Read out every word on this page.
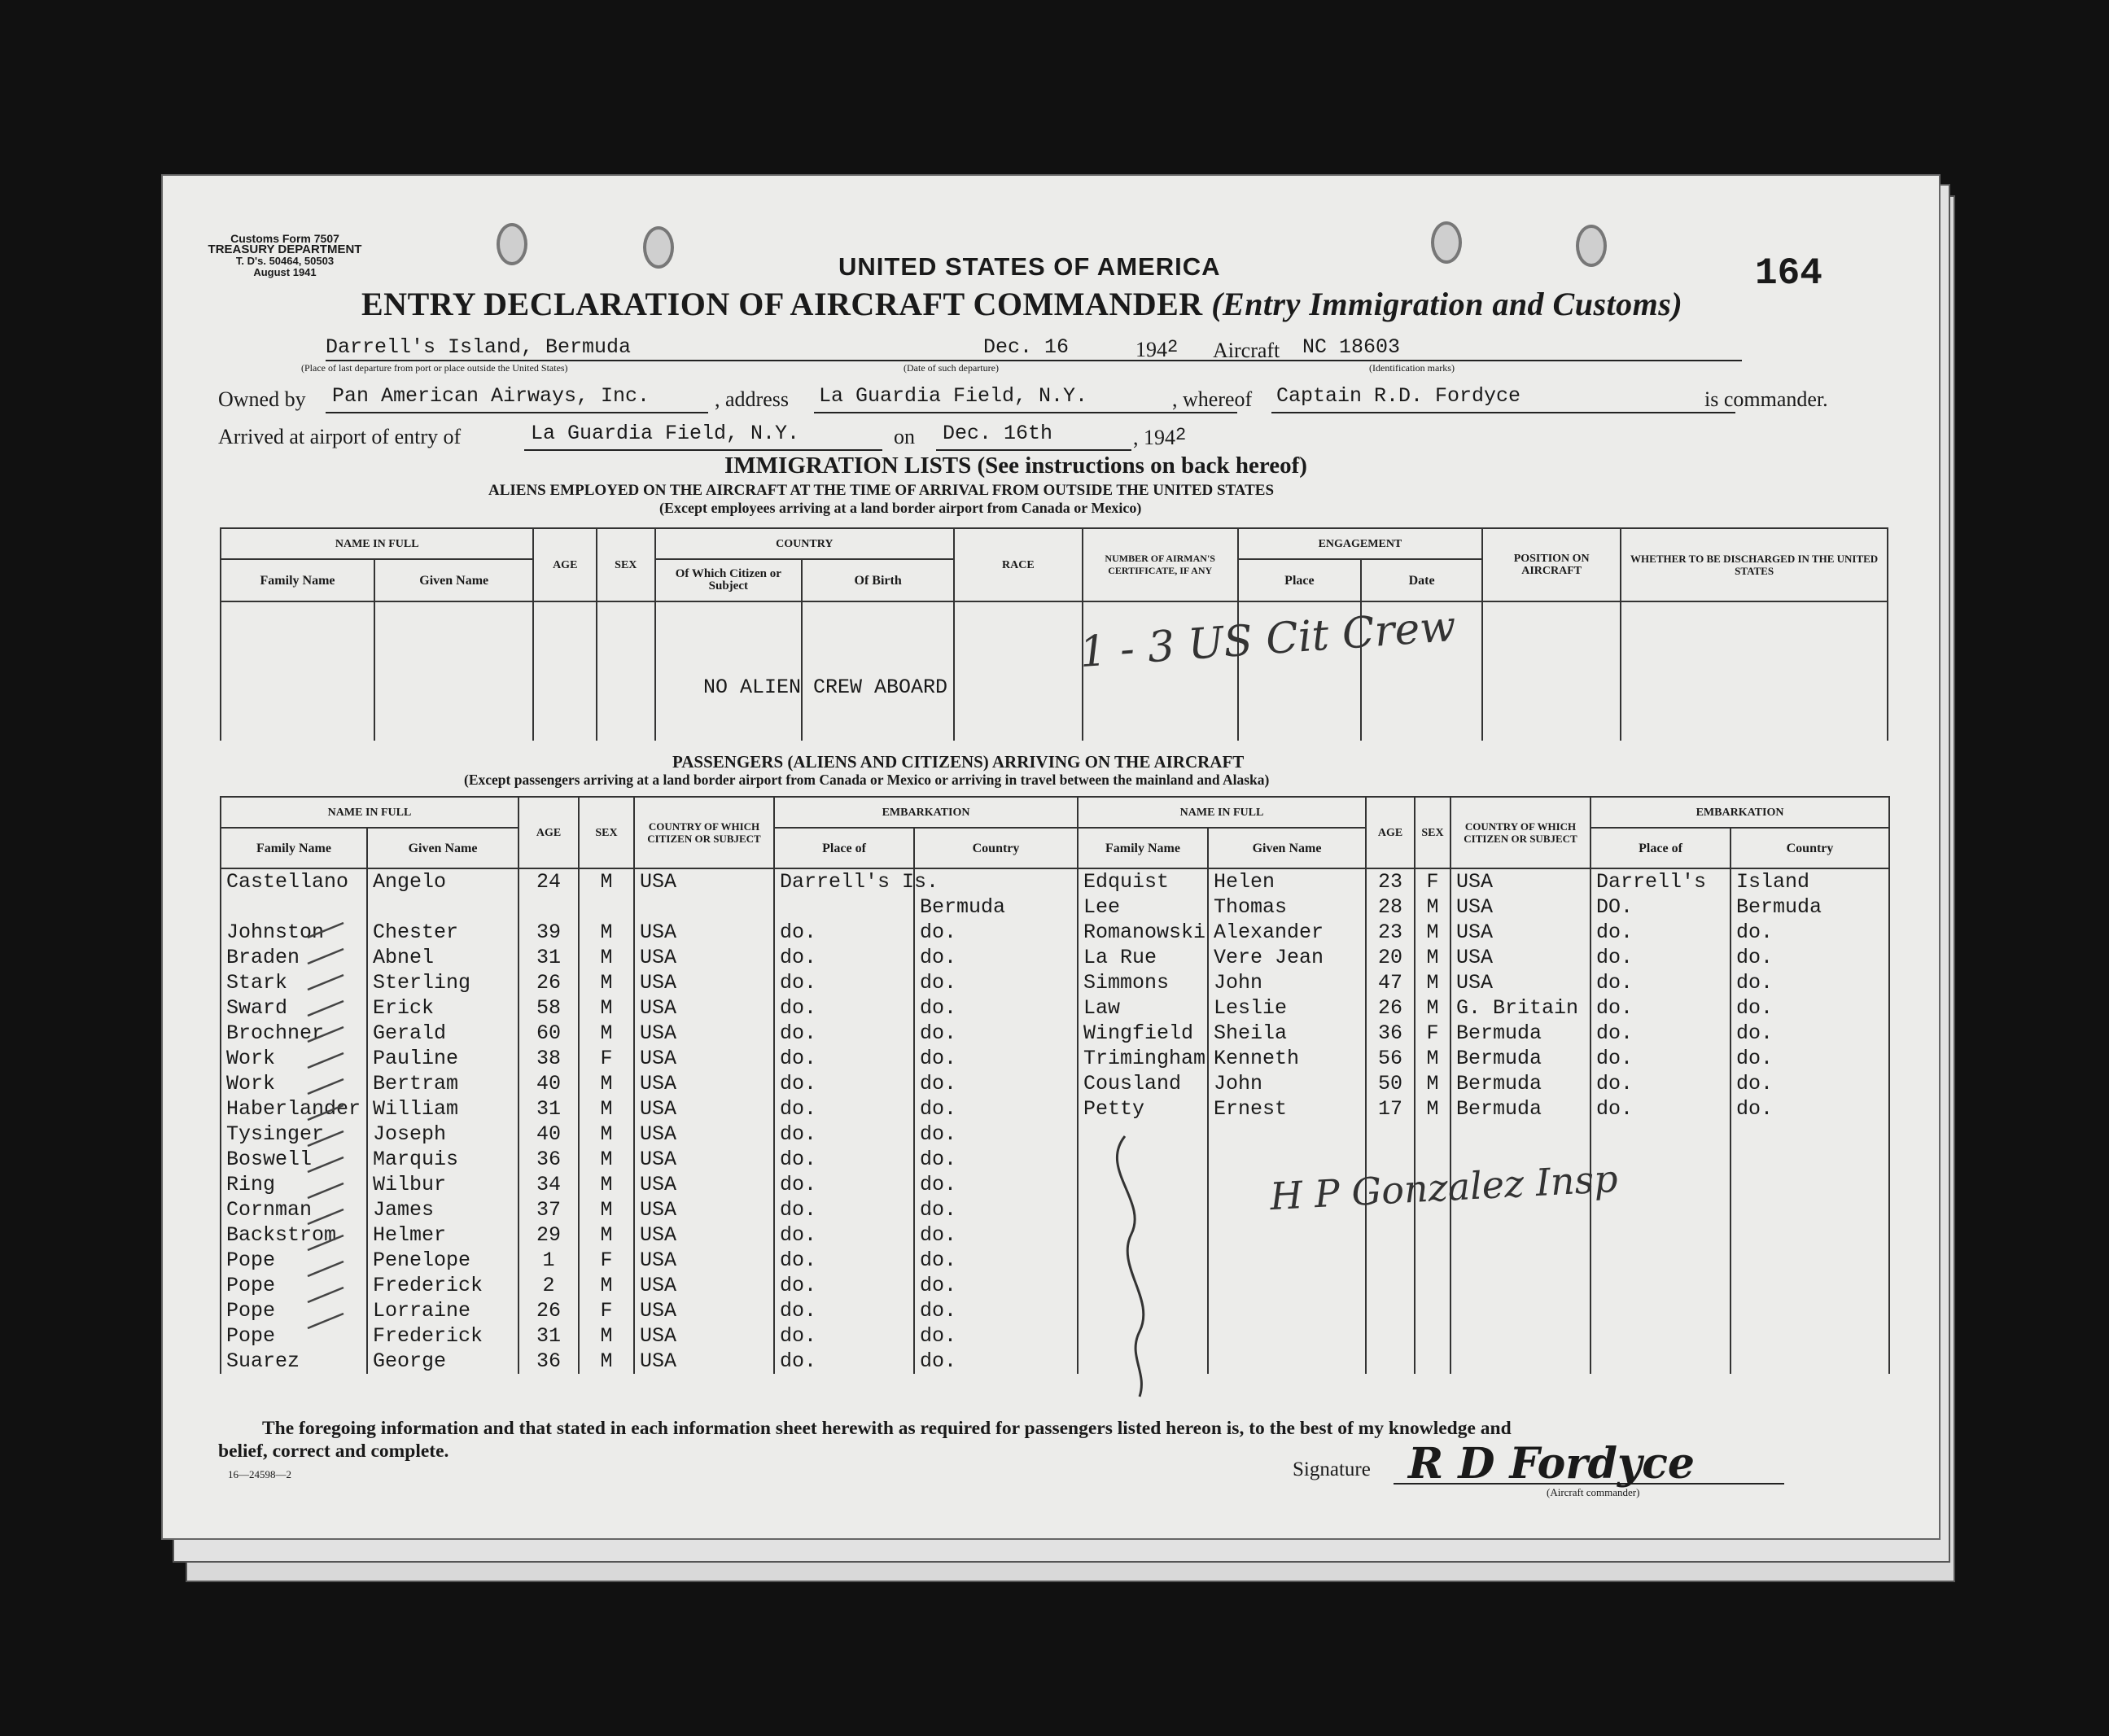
Customs Form 7507
TREASURY DEPARTMENT
T. D's. 50464, 50503
August 1941	UNITED STATES OF AMERICA	164
ENTRY DECLARATION OF AIRCRAFT COMMANDER (Entry Immigration and Customs)
Darrell's Island, Bermuda
(Place of last departure from port or place outside the United States)
Dec. 16
(Date of such departure)
$194^2$ Aircraft NC 18603
(Identification marks)
Owned by Pan American Airways, Inc.	, address La Guardia Field, N.Y.	, whereof Captain R.D. Fordyce	is commander.
Arrived at airport of entry of	La Guardia Field, N.Y.	on Dec. 16th	, $194^2$
IMMIGRATION LISTS (See instructions on back hereof)
ALIENS EMPLOYED ON THE AIRCRAFT AT THE TIME OF ARRIVAL FROM OUTSIDE THE UNITED STATES
(Except employees arriving at a land border airport from Canada or Mexico)
NAME IN FULL		AGE	SEX	COUNTRY		RACE	NUMBER OF AIRMAN'S CERTIFICATE, IF ANY	ENGAGEMENT		POSITION ON AIRCRAFT	WHETHER TO BE DISCHARGED IN THE UNITED STATES
Family Name	Given Name			Of Which Citizen or Subject	Of Birth			Place	Date		

NO ALIEN CREW ABOARD
1 - 3 US Cit Crew
PASSENGERS (ALIENS AND CITIZENS) ARRIVING ON THE AIRCRAFT
(Except passengers arriving at a land border airport from Canada or Mexico or arriving in travel between the mainland and Alaska)
NAME IN FULL		AGE	SEX	COUNTRY OF WHICH CITIZEN OR SUBJECT	EMBARKATION	
Family Name	Given Name				Place of	Country
Castellano	Angelo	24	M	USA	Darrell's Is.	
						Bermuda
Johnston	Chester	39	M	USA	do.	do.
Braden	Abnel	31	M	USA	do.	do.
Stark	Sterling	26	M	USA	do.	do.
Sward	Erick	58	M	USA	do.	do.
Brochner	Gerald	60	M	USA	do.	do.
Work	Pauline	38	F	USA	do.	do.
Work	Bertram	40	M	USA	do.	do.
Haberlander	William	31	M	USA	do.	do.
Tysinger	Joseph	40	M	USA	do.	do.
Boswell	Marquis	36	M	USA	do.	do.
Ring	Wilbur	34	M	USA	do.	do.
Cornman	James	37	M	USA	do.	do.
Backstrom	Helmer	29	M	USA	do.	do.
Pope	Penelope	1	F	USA	do.	do.
Pope	Frederick	2	M	USA	do.	do.
Pope	Lorraine	26	F	USA	do.	do.
Pope	Frederick	31	M	USA	do.	do.
Suarez	George	36	M	USA	do.	do.
NAME IN FULL		AGE	SEX	COUNTRY OF WHICH CITIZEN OR SUBJECT	EMBARKATION	
Family Name	Given Name				Place of	Country
Edquist	Helen	23	F	USA	Darrell's	Island
Lee	Thomas	28	M	USA	DO.	Bermuda
Romanowski	Alexander	23	M	USA	do.	do.
La Rue	Vere Jean	20	M	USA	do.	do.
Simmons	John	47	M	USA	do.	do.
Law	Leslie	26	M	G. Britain	do.	do.
Wingfield	Sheila	36	F	Bermuda	do.	do.
Trimingham	Kenneth	56	M	Bermuda	do.	do.
Cousland	John	50	M	Bermuda	do.	do.
Petty	Ernest	17	M	Bermuda	do.	do.

H P Gonzalez Insp
The foregoing information and that stated in each information sheet herewith as required for passengers listed hereon is, to the best of my knowledge and
belief, correct and complete.
16—24598—2	Signature R D Fordyce
(Aircraft commander)
